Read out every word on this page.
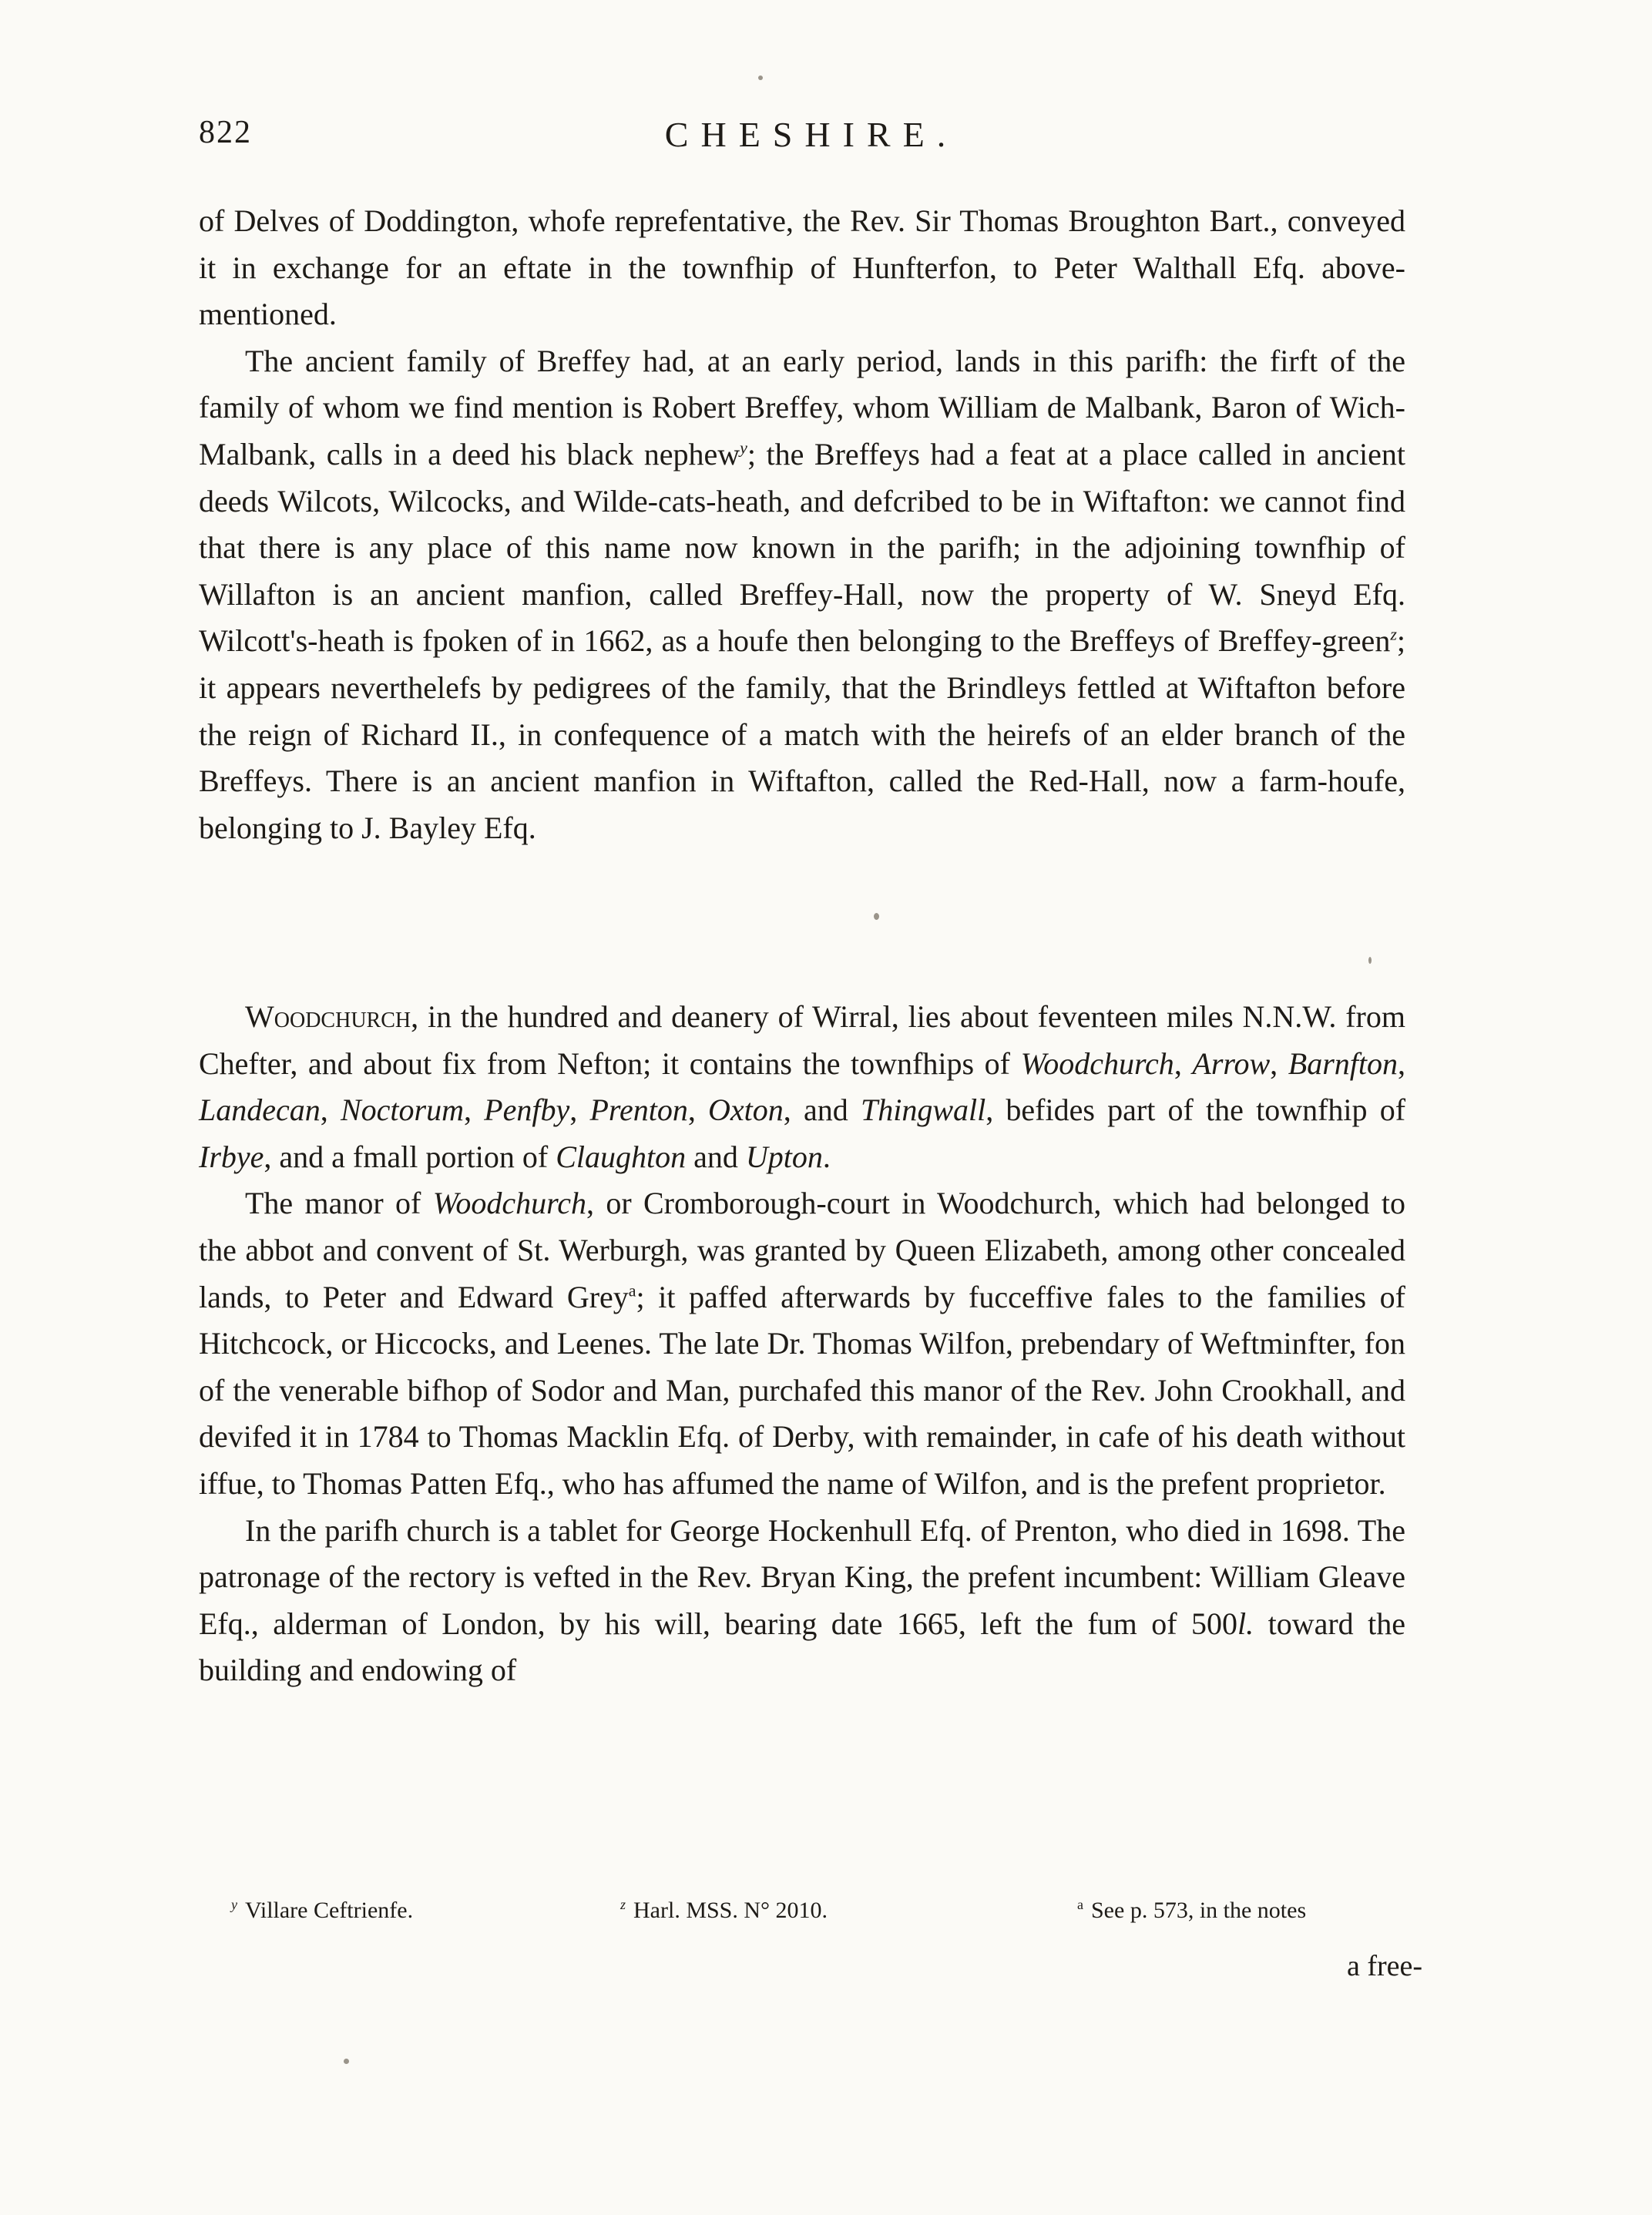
822	CHESHIRE.

of Delves of Doddington, whofe reprefentative, the Rev. Sir Thomas Broughton Bart., conveyed it in exchange for an eftate in the townfhip of Hunfterfon, to Peter Walthall Efq. above-mentioned.

The ancient family of Breffey had, at an early period, lands in this parifh: the firft of the family of whom we find mention is Robert Breffey, whom William de Malbank, Baron of Wich-Malbank, calls in a deed his black nephew$^y$; the Breffeys had a feat at a place called in ancient deeds Wilcots, Wilcocks, and Wilde-cats-heath, and defcribed to be in Wiftafton: we cannot find that there is any place of this name now known in the parifh; in the adjoining townfhip of Willafton is an ancient manfion, called Breffey-Hall, now the property of W. Sneyd Efq. Wilcott's-heath is fpoken of in 1662, as a houfe then belonging to the Breffeys of Breffey-green$^z$; it appears neverthelefs by pedigrees of the family, that the Brindleys fettled at Wiftafton before the reign of Richard II., in confequence of a match with the heirefs of an elder branch of the Breffeys. There is an ancient manfion in Wiftafton, called the Red-Hall, now a farm-houfe, belonging to J. Bayley Efq.

Woodchurch, in the hundred and deanery of Wirral, lies about feventeen miles N.N.W. from Chefter, and about fix from Nefton; it contains the townfhips of Woodchurch, Arrow, Barnfton, Landecan, Noctorum, Penfby, Prenton, Oxton, and Thingwall, befides part of the townfhip of Irbye, and a fmall portion of Claughton and Upton.

The manor of Woodchurch, or Cromborough-court in Woodchurch, which had belonged to the abbot and convent of St. Werburgh, was granted by Queen Elizabeth, among other concealed lands, to Peter and Edward Grey$^a$; it paffed afterwards by fucceffive fales to the families of Hitchcock, or Hiccocks, and Leenes. The late Dr. Thomas Wilfon, prebendary of Weftminfter, fon of the venerable bifhop of Sodor and Man, purchafed this manor of the Rev. John Crookhall, and devifed it in 1784 to Thomas Macklin Efq. of Derby, with remainder, in cafe of his death without iffue, to Thomas Patten Efq., who has affumed the name of Wilfon, and is the prefent proprietor.

In the parifh church is a tablet for George Hockenhull Efq. of Prenton, who died in 1698. The patronage of the rectory is vefted in the Rev. Bryan King, the prefent incumbent: William Gleave Efq., alderman of London, by his will, bearing date 1665, left the fum of 500l. toward the building and endowing of

$^y$ Villare Ceftrienfe.	$^z$ Harl. MSS. N° 2010.	$^a$ See p. 573, in the notes
a free-
